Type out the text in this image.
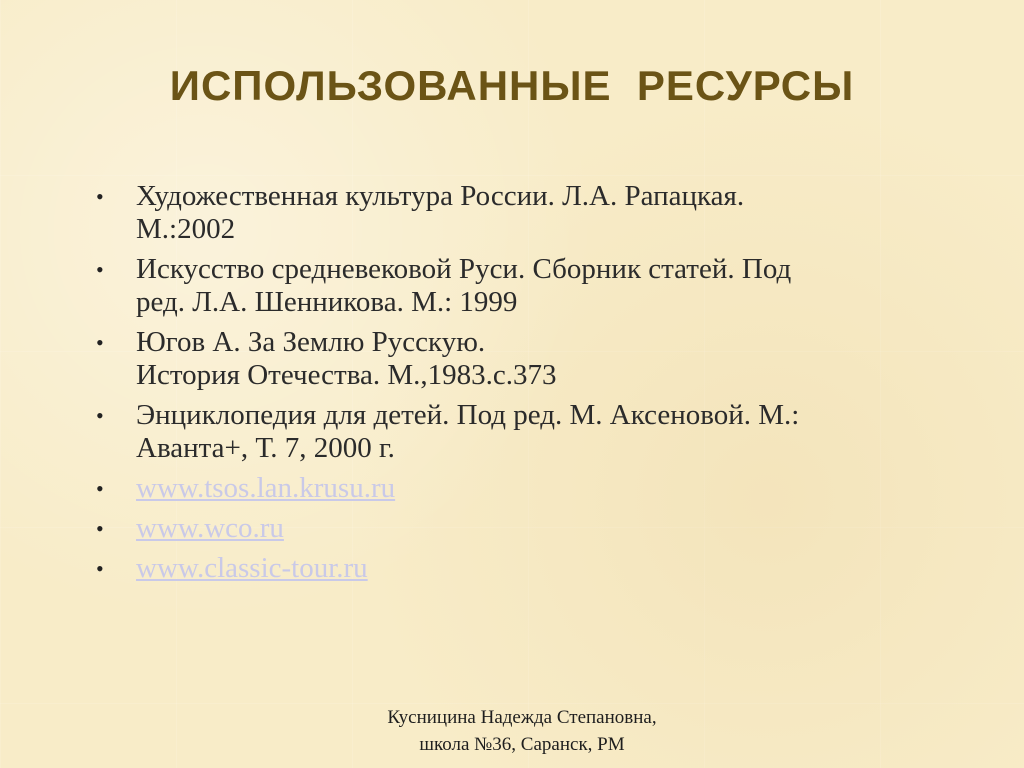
ИСПОЛЬЗОВАННЫЕ  РЕСУРСЫ
•	Художественная культура России. Л.А. Рапацкая.
М.:2002
•	Искусство средневековой Руси. Сборник статей. Под
ред. Л.А. Шенникова. М.: 1999
•	Югов А. За Землю Русскую.
История Отечества. М.,1983.с.373
•	Энциклопедия для детей. Под ред. М. Аксеновой. М.:
Аванта+, Т. 7, 2000 г.
•	www.tsos.lan.krusu.ru
•	www.wco.ru
•	www.classic-tour.ru
Кусницина Надежда Степановна,
школа №36, Саранск, РМ
